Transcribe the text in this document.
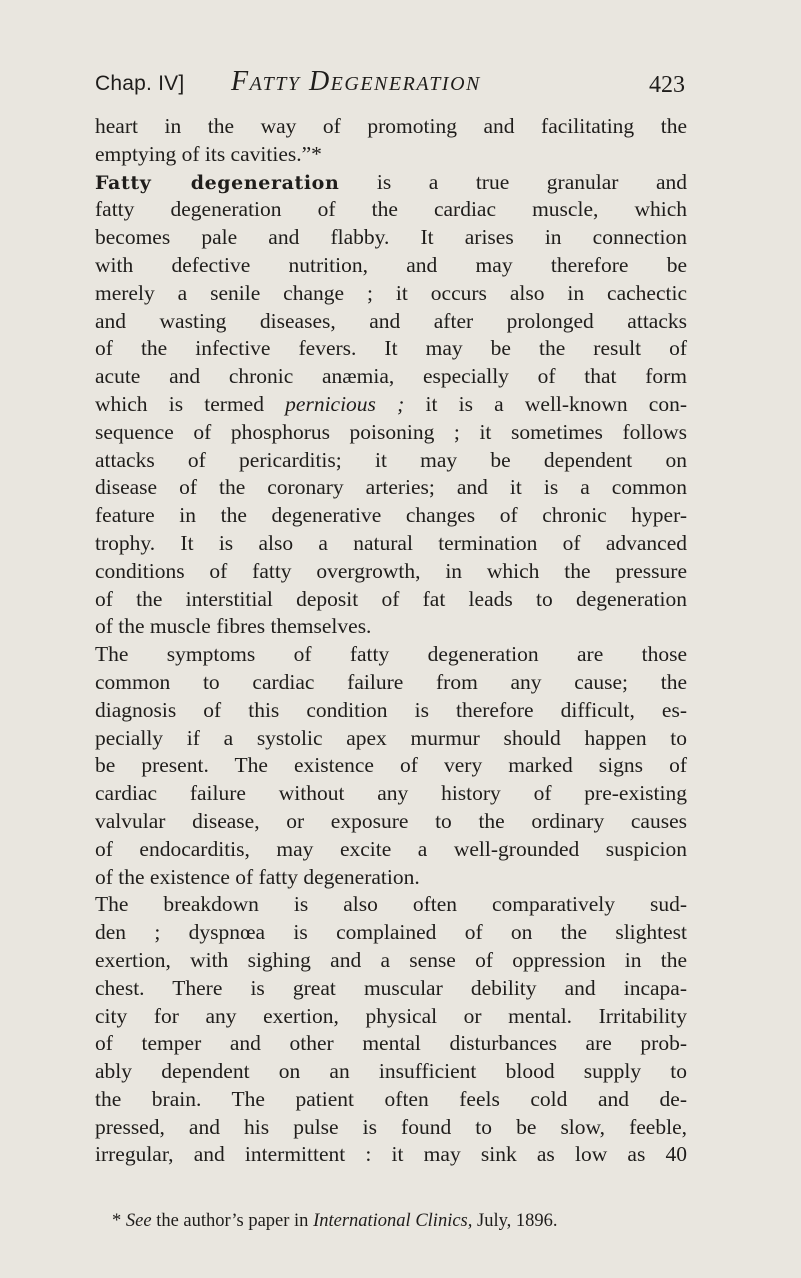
Chap. IV] Fatty Degeneration	423
heart in the way of promoting and facilitating the
emptying of its cavities.”*
Fatty degeneration is a true granular and
fatty degeneration of the cardiac muscle, which
becomes pale and flabby. It arises in connection
with defective nutrition, and may therefore be
merely a senile change ; it occurs also in cachectic
and wasting diseases, and after prolonged attacks
of the infective fevers. It may be the result of
acute and chronic anæmia, especially of that form
which is termed pernicious ; it is a well-known con-
sequence of phosphorus poisoning ; it sometimes follows
attacks of pericarditis; it may be dependent on
disease of the coronary arteries; and it is a common
feature in the degenerative changes of chronic hyper-
trophy. It is also a natural termination of advanced
conditions of fatty overgrowth, in which the pressure
of the interstitial deposit of fat leads to degeneration
of the muscle fibres themselves.
The symptoms of fatty degeneration are those
common to cardiac failure from any cause; the
diagnosis of this condition is therefore difficult, es-
pecially if a systolic apex murmur should happen to
be present. The existence of very marked signs of
cardiac failure without any history of pre-existing
valvular disease, or exposure to the ordinary causes
of endocarditis, may excite a well-grounded suspicion
of the existence of fatty degeneration.
The breakdown is also often comparatively sud-
den ; dyspnœa is complained of on the slightest
exertion, with sighing and a sense of oppression in the
chest. There is great muscular debility and incapa-
city for any exertion, physical or mental. Irritability
of temper and other mental disturbances are prob-
ably dependent on an insufficient blood supply to
the brain. The patient often feels cold and de-
pressed, and his pulse is found to be slow, feeble,
irregular, and intermittent : it may sink as low as 40
* See the author’s paper in International Clinics, July, 1896.
